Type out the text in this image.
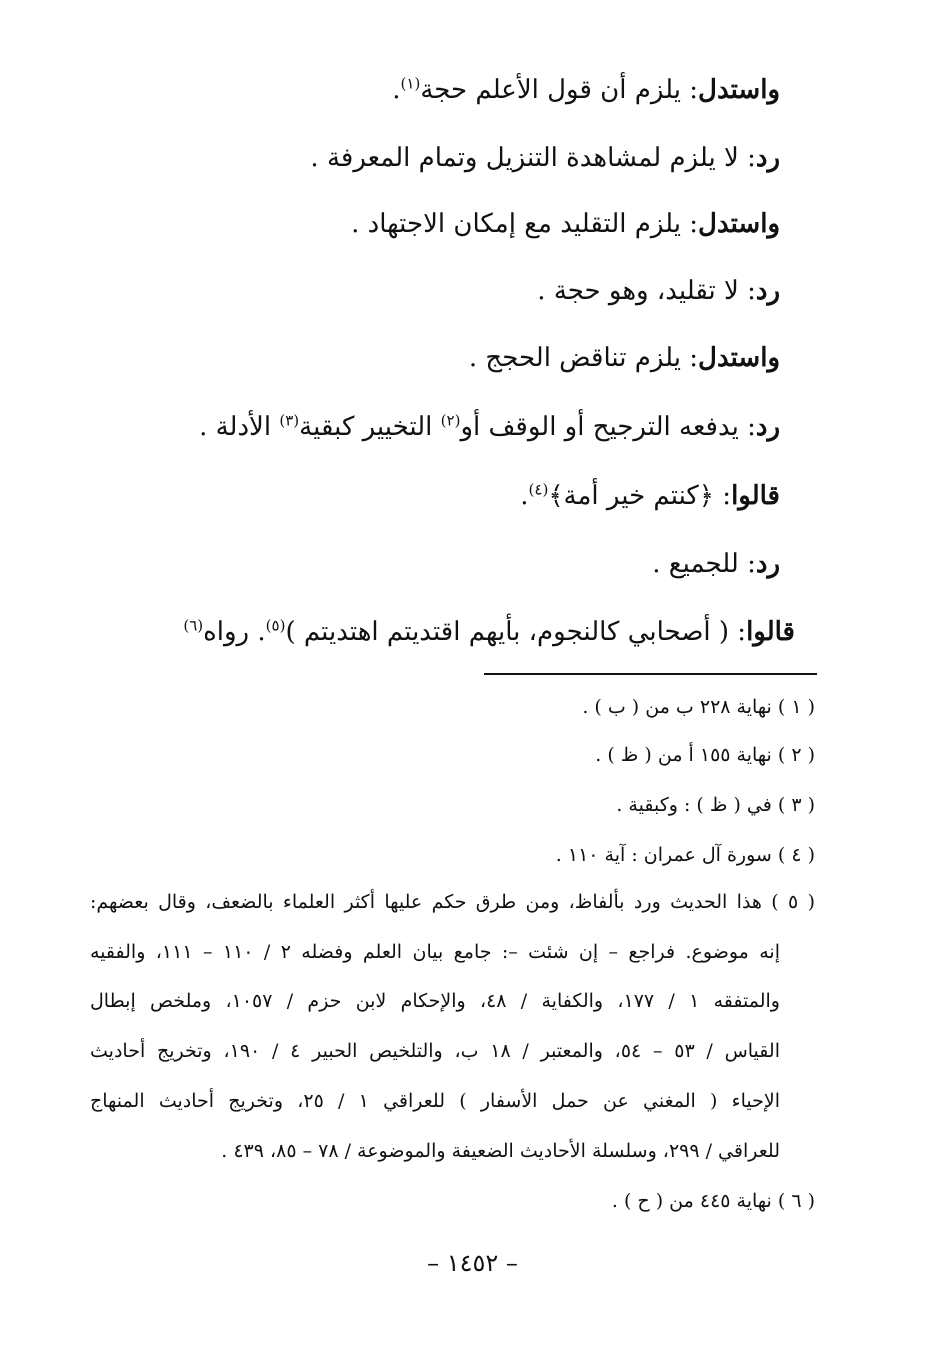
واستدل: يلزم أن قول الأعلم حجة$^{(١)}$.
رد: لا يلزم لمشاهدة التنزيل وتمام المعرفة .
واستدل: يلزم التقليد مع إمكان الاجتهاد .
رد: لا تقليد، وهو حجة .
واستدل: يلزم تناقض الحجج .
رد: يدفعه الترجيح أو الوقف أو$^{(٢)}$ التخيير كبقية$^{(٣)}$ الأدلة .
قالوا: ﴿كنتم خير أمة﴾$^{(٤)}$.
رد: للجميع .
قالوا: ( أصحابي كالنجوم، بأيهم اقتديتم اهتديتم )$^{(٥)}$. رواه$^{(٦)}$
( ١ ) نهاية ٢٢٨ ب من ( ب ) .
( ٢ ) نهاية ١٥٥ أ من ( ظ ) .
( ٣ ) في ( ظ ) : وكبقية .
( ٤ ) سورة آل عمران : آية ١١٠ .
( ٥ ) هذا الحديث ورد بألفاظ، ومن طرق حكم عليها أكثر العلماء بالضعف، وقال بعضهم:
إنه موضوع. فراجع – إن شئت –: جامع بيان العلم وفضله ٢ / ١١٠ – ١١١، والفقيه
والمتفقه ١ / ١٧٧، والكفاية / ٤٨، والإحكام لابن حزم / ١٠٥٧، وملخص إبطال
القياس / ٥٣ – ٥٤، والمعتبر / ١٨ ب، والتلخيص الحبير ٤ / ١٩٠، وتخريج أحاديث
الإحياء ( المغني عن حمل الأسفار ) للعراقي ١ / ٢٥، وتخريج أحاديث المنهاج
للعراقي / ٢٩٩، وسلسلة الأحاديث الضعيفة والموضوعة / ٧٨ – ٨٥، ٤٣٩ .
( ٦ ) نهاية ٤٤٥ من ( ح ) .
– ١٤٥٢ –
